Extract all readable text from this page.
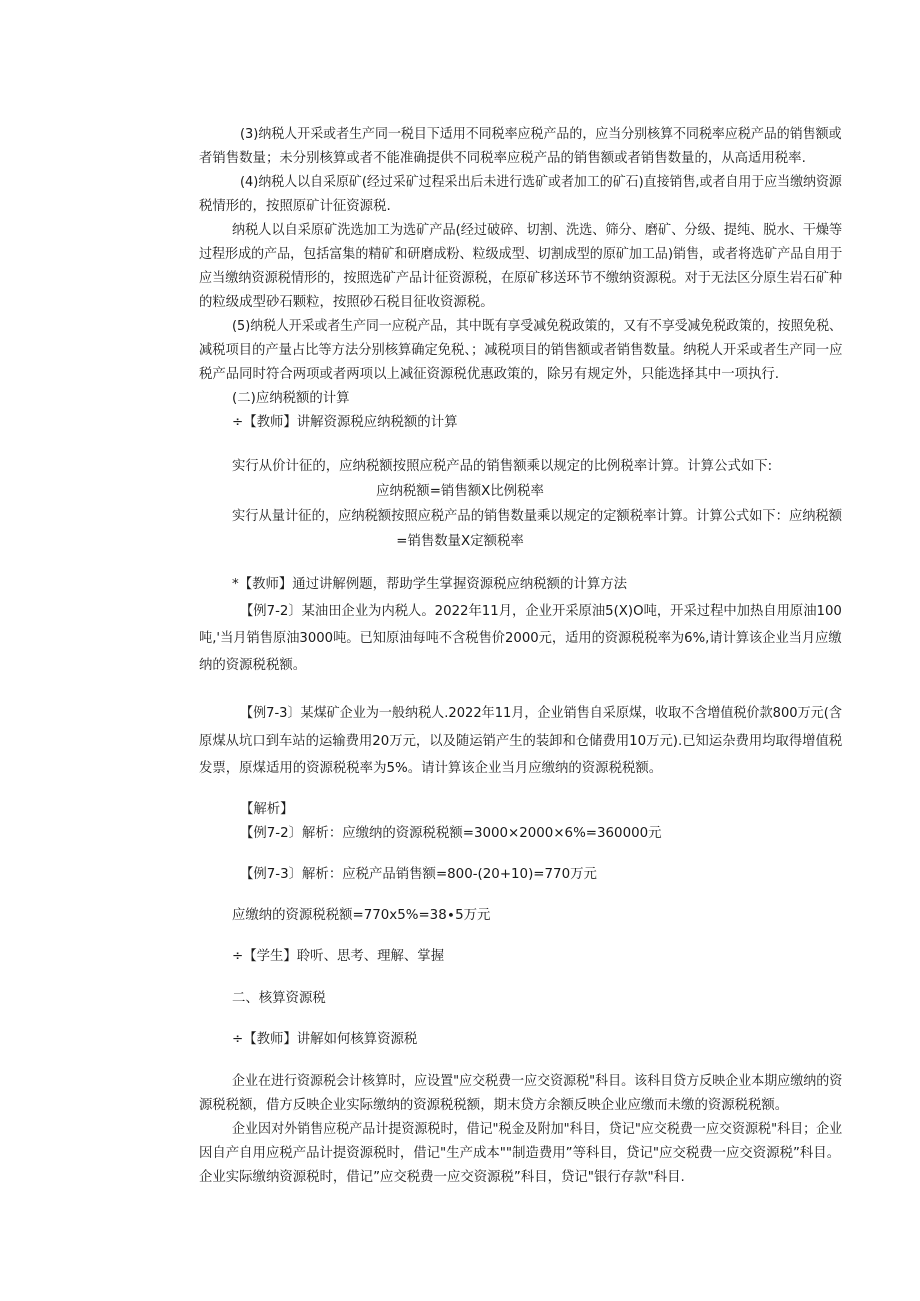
(3)纳税人开采或者生产同一税目下适用不同税率应税产品的，应当分别核算不同税率应税产品的销售额或

者销售数量；未分别核算或者不能准确提供不同税率应税产品的销售额或者销售数量的，从高适用税率.

(4)纳税人以自采原矿(经过采矿过程采出后未进行选矿或者加工的矿石)直接销售,或者自用于应当缴纳资源

税情形的，按照原矿计征资源税.

纳税人以自采原矿洗选加工为选矿产品(经过破碎、切割、洗选、筛分、磨矿、分级、提纯、脱水、干燥等

过程形成的产品，包括富集的精矿和研磨成粉、粒级成型、切割成型的原矿加工品)销售，或者将选矿产品自用于

应当缴纳资源税情形的，按照选矿产品计征资源税，在原矿移送环节不缴纳资源税。对于无法区分原生岩石矿种

的粒级成型砂石颗粒，按照砂石税目征收资源税。

(5)纳税人开采或者生产同一应税产品，其中既有享受减免税政策的，又有不享受减免税政策的，按照免税、

减税项目的产量占比等方法分别核算确定免税、；减税项目的销售额或者销售数量。纳税人开采或者生产同一应

税产品同时符合两项或者两项以上减征资源税优惠政策的，除另有规定外，只能选择其中一项执行.

(二)应纳税额的计算

÷【教师】讲解资源税应纳税额的计算

实行从价计征的，应纳税额按照应税产品的销售额乘以规定的比例税率计算。计算公式如下:

应纳税额=销售额X比例税率

实行从量计征的，应纳税额按照应税产品的销售数量乘以规定的定额税率计算。计算公式如下：应纳税额

=销售数量X定额税率

*【教师】通过讲解例题，帮助学生掌握资源税应纳税额的计算方法

【例7-2〕某油田企业为内税人。2022年11月，企业开采原油5(X)O吨，开采过程中加热自用原油100

吨,'当月销售原油3000吨。已知原油每吨不含税售价2000元，适用的资源税税率为6%,请计算该企业当月应缴

纳的资源税税额。

【例7-3〕某煤矿企业为一般纳税人.2022年11月，企业销售自采原煤，收取不含增值税价款800万元(含

原煤从坑口到车站的运输费用20万元，以及随运销产生的装卸和仓储费用10万元).已知运杂费用均取得增值税

发票，原煤适用的资源税税率为5%。请计算该企业当月应缴纳的资源税税额。

【解析】

【例7-2〕解析：应缴纳的资源税税额=3000×2000×6%=360000元

【例7-3〕解析：应税产品销售额=800-(20+10)=770万元

应缴纳的资源税税额=770x5%=38∙5万元

÷【学生】聆听、思考、理解、掌握

二、核算资源税

÷【教师】讲解如何核算资源税

企业在进行资源税会计核算时，应设置"应交税费一应交资源税"科目。该科目贷方反映企业本期应缴纳的资

源税税额，借方反映企业实际缴纳的资源税税额，期末贷方余额反映企业应缴而未缴的资源税税额。

企业因对外销售应税产品计提资源税时，借记"税金及附加"科目，贷记"应交税费一应交资源税"科目；企业

因自产自用应税产品计提资源税时，借记"生产成本""制造费用”等科目，贷记"应交税费一应交资源税”科目。

企业实际缴纳资源税时，借记”应交税费一应交资源税”科目，贷记"银行存款"科目.
